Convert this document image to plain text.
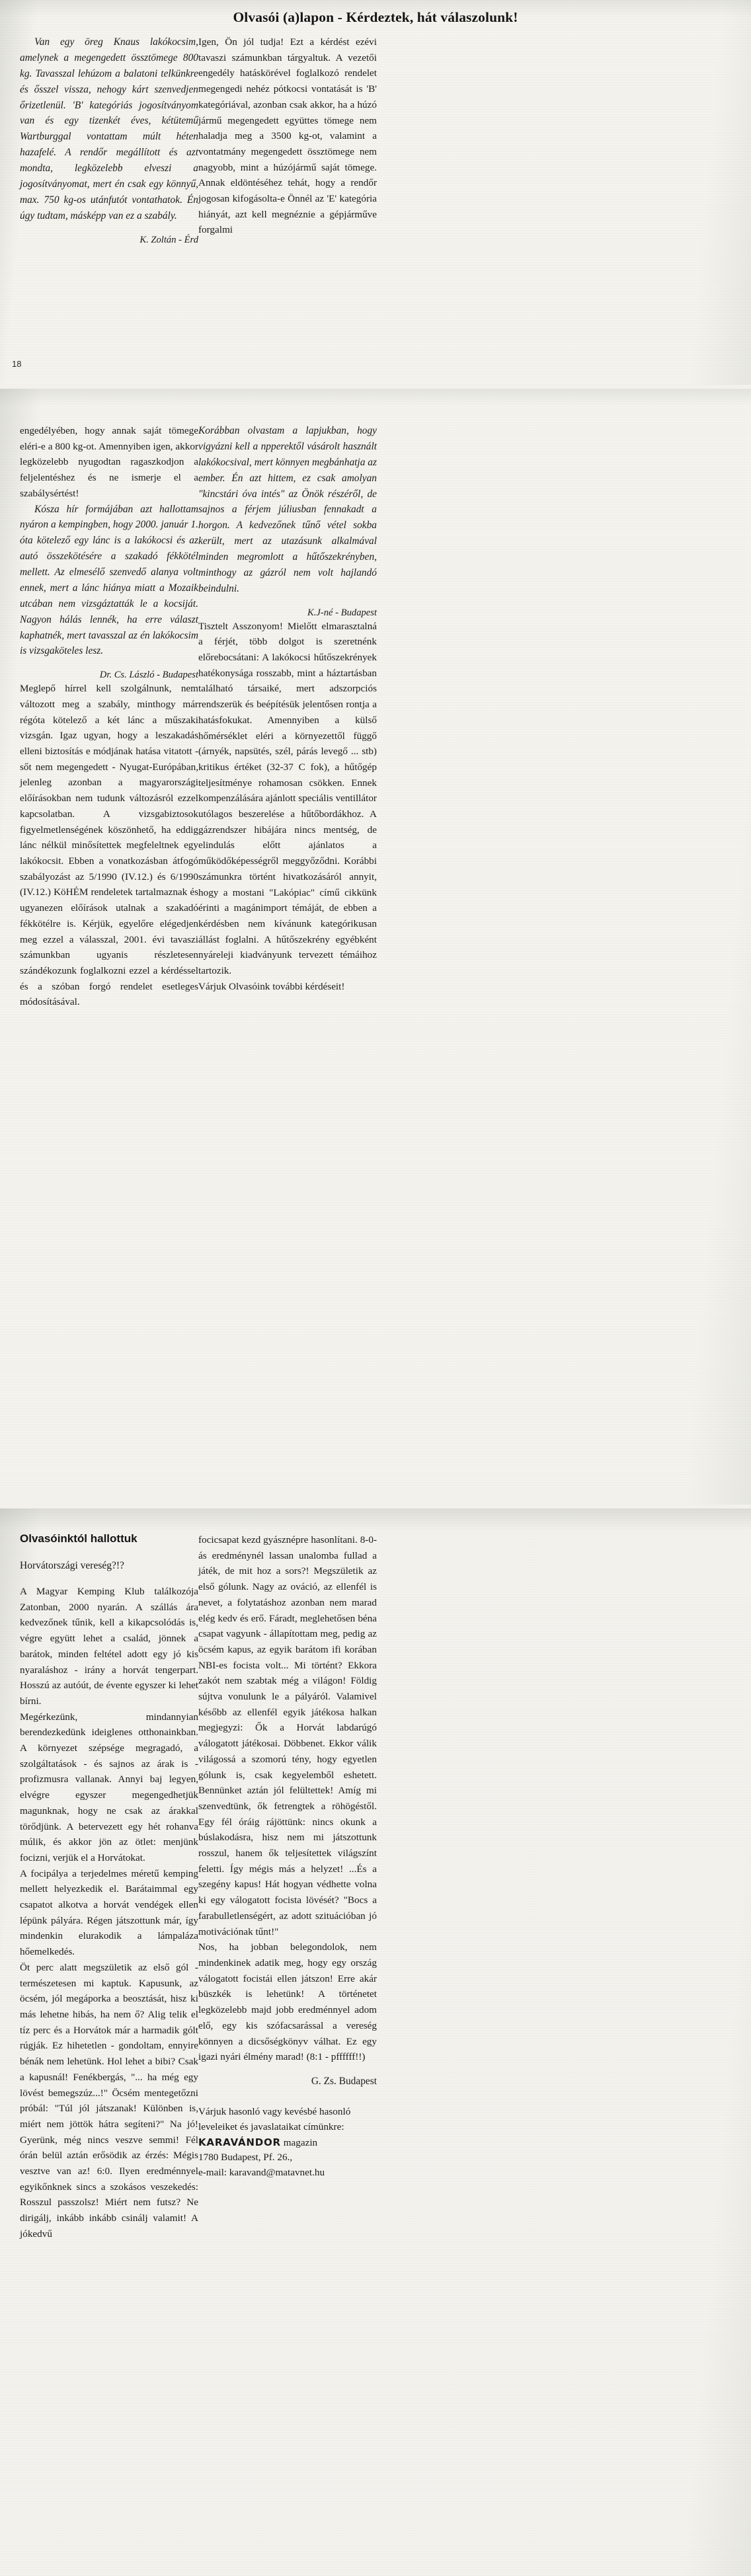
Olvasói (a)lapon - Kérdeztek, hát válaszolunk!

Van egy öreg Knaus lakókocsim, amelynek a megengedett össztömege 800 kg. Tavasszal lehúzom a balatoni telkünkre és ősszel vissza, nehogy kárt szenvedjen őrizetlenül. 'B' kategóriás jogosítványom van és egy tizenkét éves, kétütemű Wartburggal vontattam múlt héten hazafelé. A rendőr megállított és azt mondta, legközelebb elveszi a jogosítványomat, mert én csak egy könnyű, max. 750 kg-os utánfutót vontathatok. Én úgy tudtam, másképp van ez a szabály.

K. Zoltán - Érd

Igen, Ön jól tudja! Ezt a kérdést ezévi tavaszi számunkban tárgyaltuk. A vezetői engedély hatáskörével foglalkozó rendelet megengedi nehéz pótkocsi vontatását is 'B' kategóriával, azonban csak akkor, ha a húzó jármű megengedett együttes tömege nem haladja meg a 3500 kg-ot, valamint a vontatmány megengedett össztömege nem nagyobb, mint a húzójármű saját tömege. Annak eldöntéséhez tehát, hogy a rendőr jogosan kifogásolta-e Önnél az 'E' kategória hiányát, azt kell megnéznie a gépjárműve forgalmi

18

engedélyében, hogy annak saját tömege eléri-e a 800 kg-ot. Amennyiben igen, akkor legközelebb nyugodtan ragaszkodjon a feljelentéshez és ne ismerje el a szabálysértést!

Kósza hír formájában azt hallottam nyáron a kempingben, hogy 2000. január 1. óta kötelező egy lánc is a lakókocsi és az autó összekötésére a szakadó fékkötél mellett. Az elmesélő szenvedő alanya volt ennek, mert a lánc hiánya miatt a Mozaik utcában nem vizsgáztatták le a kocsiját. Nagyon hálás lennék, ha erre választ kaphatnék, mert tavasszal az én lakókocsim is vizsgaköteles lesz.

Dr. Cs. László - Budapest

Meglepő hírrel kell szolgálnunk, nem változott meg a szabály, minthogy már régóta kötelező a két lánc a műszaki vizsgán. Igaz ugyan, hogy a leszakadás elleni biztosítás e módjának hatása vitatott - sőt nem megengedett - Nyugat-Európában, jelenleg azonban a magyarországi előírásokban nem tudunk változásról ezzel kapcsolatban. A vizsgabiztosok figyelmetlenségének köszönhető, ha eddig lánc nélkül minősítettek megfeleltnek egy lakókocsit. Ebben a vonatkozásban átfogó szabályozást az 5/1990 (IV.12.) és 6/1990 (IV.12.) KöHÉM rendeletek tartalmaznak és ugyanezen előírások utalnak a szakadó fékkötélre is. Kérjük, egyelőre elégedjen meg ezzel a válasszal, 2001. évi tavaszi számunkban ugyanis részletesen szándékozunk foglalkozni ezzel a kérdéssel és a szóban forgó rendelet esetleges módosításával.

Korábban olvastam a lapjukban, hogy vigyázni kell a npperektől vásárolt használt lakókocsival, mert könnyen megbánhatja az ember. Én azt hittem, ez csak amolyan "kincstári óva intés" az Önök részéről, de sajnos a férjem júliusban fennakadt a horgon. A kedvezőnek tűnő vétel sokba került, mert az utazásunk alkalmával minden megromlott a hűtőszekrényben, minthogy az gázról nem volt hajlandó beindulni.

K.J-né - Budapest

Tisztelt Asszonyom! Mielőtt elmarasztalná a férjét, több dolgot is szeretnénk előrebocsátani: A lakókocsi hűtőszekrények hatékonysága rosszabb, mint a háztartásban található társaiké, mert adszorpciós rendszerük és beépítésük jelentősen rontja a hatásfokukat. Amennyiben a külső hőmérséklet eléri a környezettől függő (árnyék, napsütés, szél, párás levegő ... stb) kritikus értéket (32-37 C fok), a hűtőgép teljesítménye rohamosan csökken. Ennek kompenzálására ajánlott speciális ventillátor utólagos beszerelése a hűtőbordákhoz. A gázrendszer hibájára nincs mentség, de elindulás előtt ajánlatos a működőképességről meggyőződni. Korábbi számunkra történt hivatkozásáról annyit, hogy a mostani "Lakópiac" című cikkünk érinti a magánimport témáját, de ebben a kérdésben nem kívánunk kategórikusan állást foglalni. A hűtőszekrény egyébként nyáreleji kiadványunk tervezett témáihoz tartozik.

Várjuk Olvasóink további kérdéseit!

Olvasóinktól hallottuk

Horvátországi vereség?!?

A Magyar Kemping Klub találkozója Zatonban, 2000 nyarán. A szállás ára kedvezőnek tűnik, kell a kikapcsolódás is, végre együtt lehet a család, jönnek a barátok, minden feltétel adott egy jó kis nyaraláshoz - irány a horvát tengerpart. Hosszú az autóút, de évente egyszer ki lehet bírni.

Megérkezünk, mindannyian berendezkedünk ideiglenes otthonainkban. A környezet szépsége megragadó, a szolgáltatások - és sajnos az árak is - profizmusra vallanak. Annyi baj legyen, elvégre egyszer megengedhetjük magunknak, hogy ne csak az árakkal törődjünk. A betervezett egy hét rohanva múlik, és akkor jön az ötlet: menjünk focizni, verjük el a Horvátokat.

A focipálya a terjedelmes méretű kemping mellett helyezkedik el. Barátaimmal egy csapatot alkotva a horvát vendégek ellen lépünk pályára. Régen játszottunk már, így mindenkin elurakodik a lámpaláza hőemelkedés.

Öt perc alatt megszületik az első gól - természetesen mi kaptuk. Kapusunk, az öcsém, jól megáporka a beosztását, hisz ki más lehetne hibás, ha nem ő? Alig telik el tíz perc és a Horvátok már a harmadik gólt rúgják. Ez hihetetlen - gondoltam, ennyire bénák nem lehetünk. Hol lehet a bibi? Csak a kapusnál! Fenékbergás, "... ha még egy lövést bemegszúz...!" Öcsém mentegetőzni próbál: "Túl jól játszanak! Különben is, miért nem jöttök hátra segíteni?" Na jó! Gyerünk, még nincs veszve semmi! Fél órán belül aztán erősödik az érzés: Mégis vesztve van az! 6:0. Ilyen eredménnyel egyikőnknek sincs a szokásos veszekedés: Rosszul passzolsz! Miért nem futsz? Ne dirigálj, inkább inkább csinálj valamit! A jókedvű

focicsapat kezd gyásznépre hasonlítani. 8-0-ás eredménynél lassan unalomba fullad a játék, de mit hoz a sors?! Megszületik az első gólunk. Nagy az ováció, az ellenfél is nevet, a folytatáshoz azonban nem marad elég kedv és erő. Fáradt, meglehetősen béna csapat vagyunk - állapítottam meg, pedig az öcsém kapus, az egyik barátom ifi korában NBI-es focista volt... Mi történt? Ekkora zakót nem szabtak még a világon! Földig sújtva vonulunk le a pályáról. Valamivel később az ellenfél egyik játékosa halkan megjegyzi: Ők a Horvát labdarúgó válogatott játékosai. Döbbenet. Ekkor válik világossá a szomorú tény, hogy egyetlen gólunk is, csak kegyelemből eshetett. Bennünket aztán jól felültettek! Amíg mi szenvedtünk, ők fetrengtek a röhögéstől. Egy fél óráig rájöttünk: nincs okunk a búslakodásra, hisz nem mi játszottunk rosszul, hanem ők teljesítettek világszínt feletti. Így mégis más a helyzet! ...És a szegény kapus! Hát hogyan védhette volna ki egy válogatott focista lövését? "Bocs a farabulletlenségért, az adott szituációban jó motivációnak tűnt!"

Nos, ha jobban belegondolok, nem mindenkinek adatik meg, hogy egy ország válogatott focistái ellen játszon! Erre akár büszkék is lehetünk! A történetet legközelebb majd jobb eredménnyel adom elő, egy kis szófacsarással a vereség könnyen a dicsőségkönyv válhat. Ez egy igazi nyári élmény marad! (8:1 - pffffff!!)

G. Zs. Budapest
Várjuk hasonló vagy kevésbé hasonló
leveleiket és javaslataikat címünkre:
KARAVÁNDOR magazin
1780 Budapest, Pf. 26.,
e-mail: karavand@matavnet.hu
